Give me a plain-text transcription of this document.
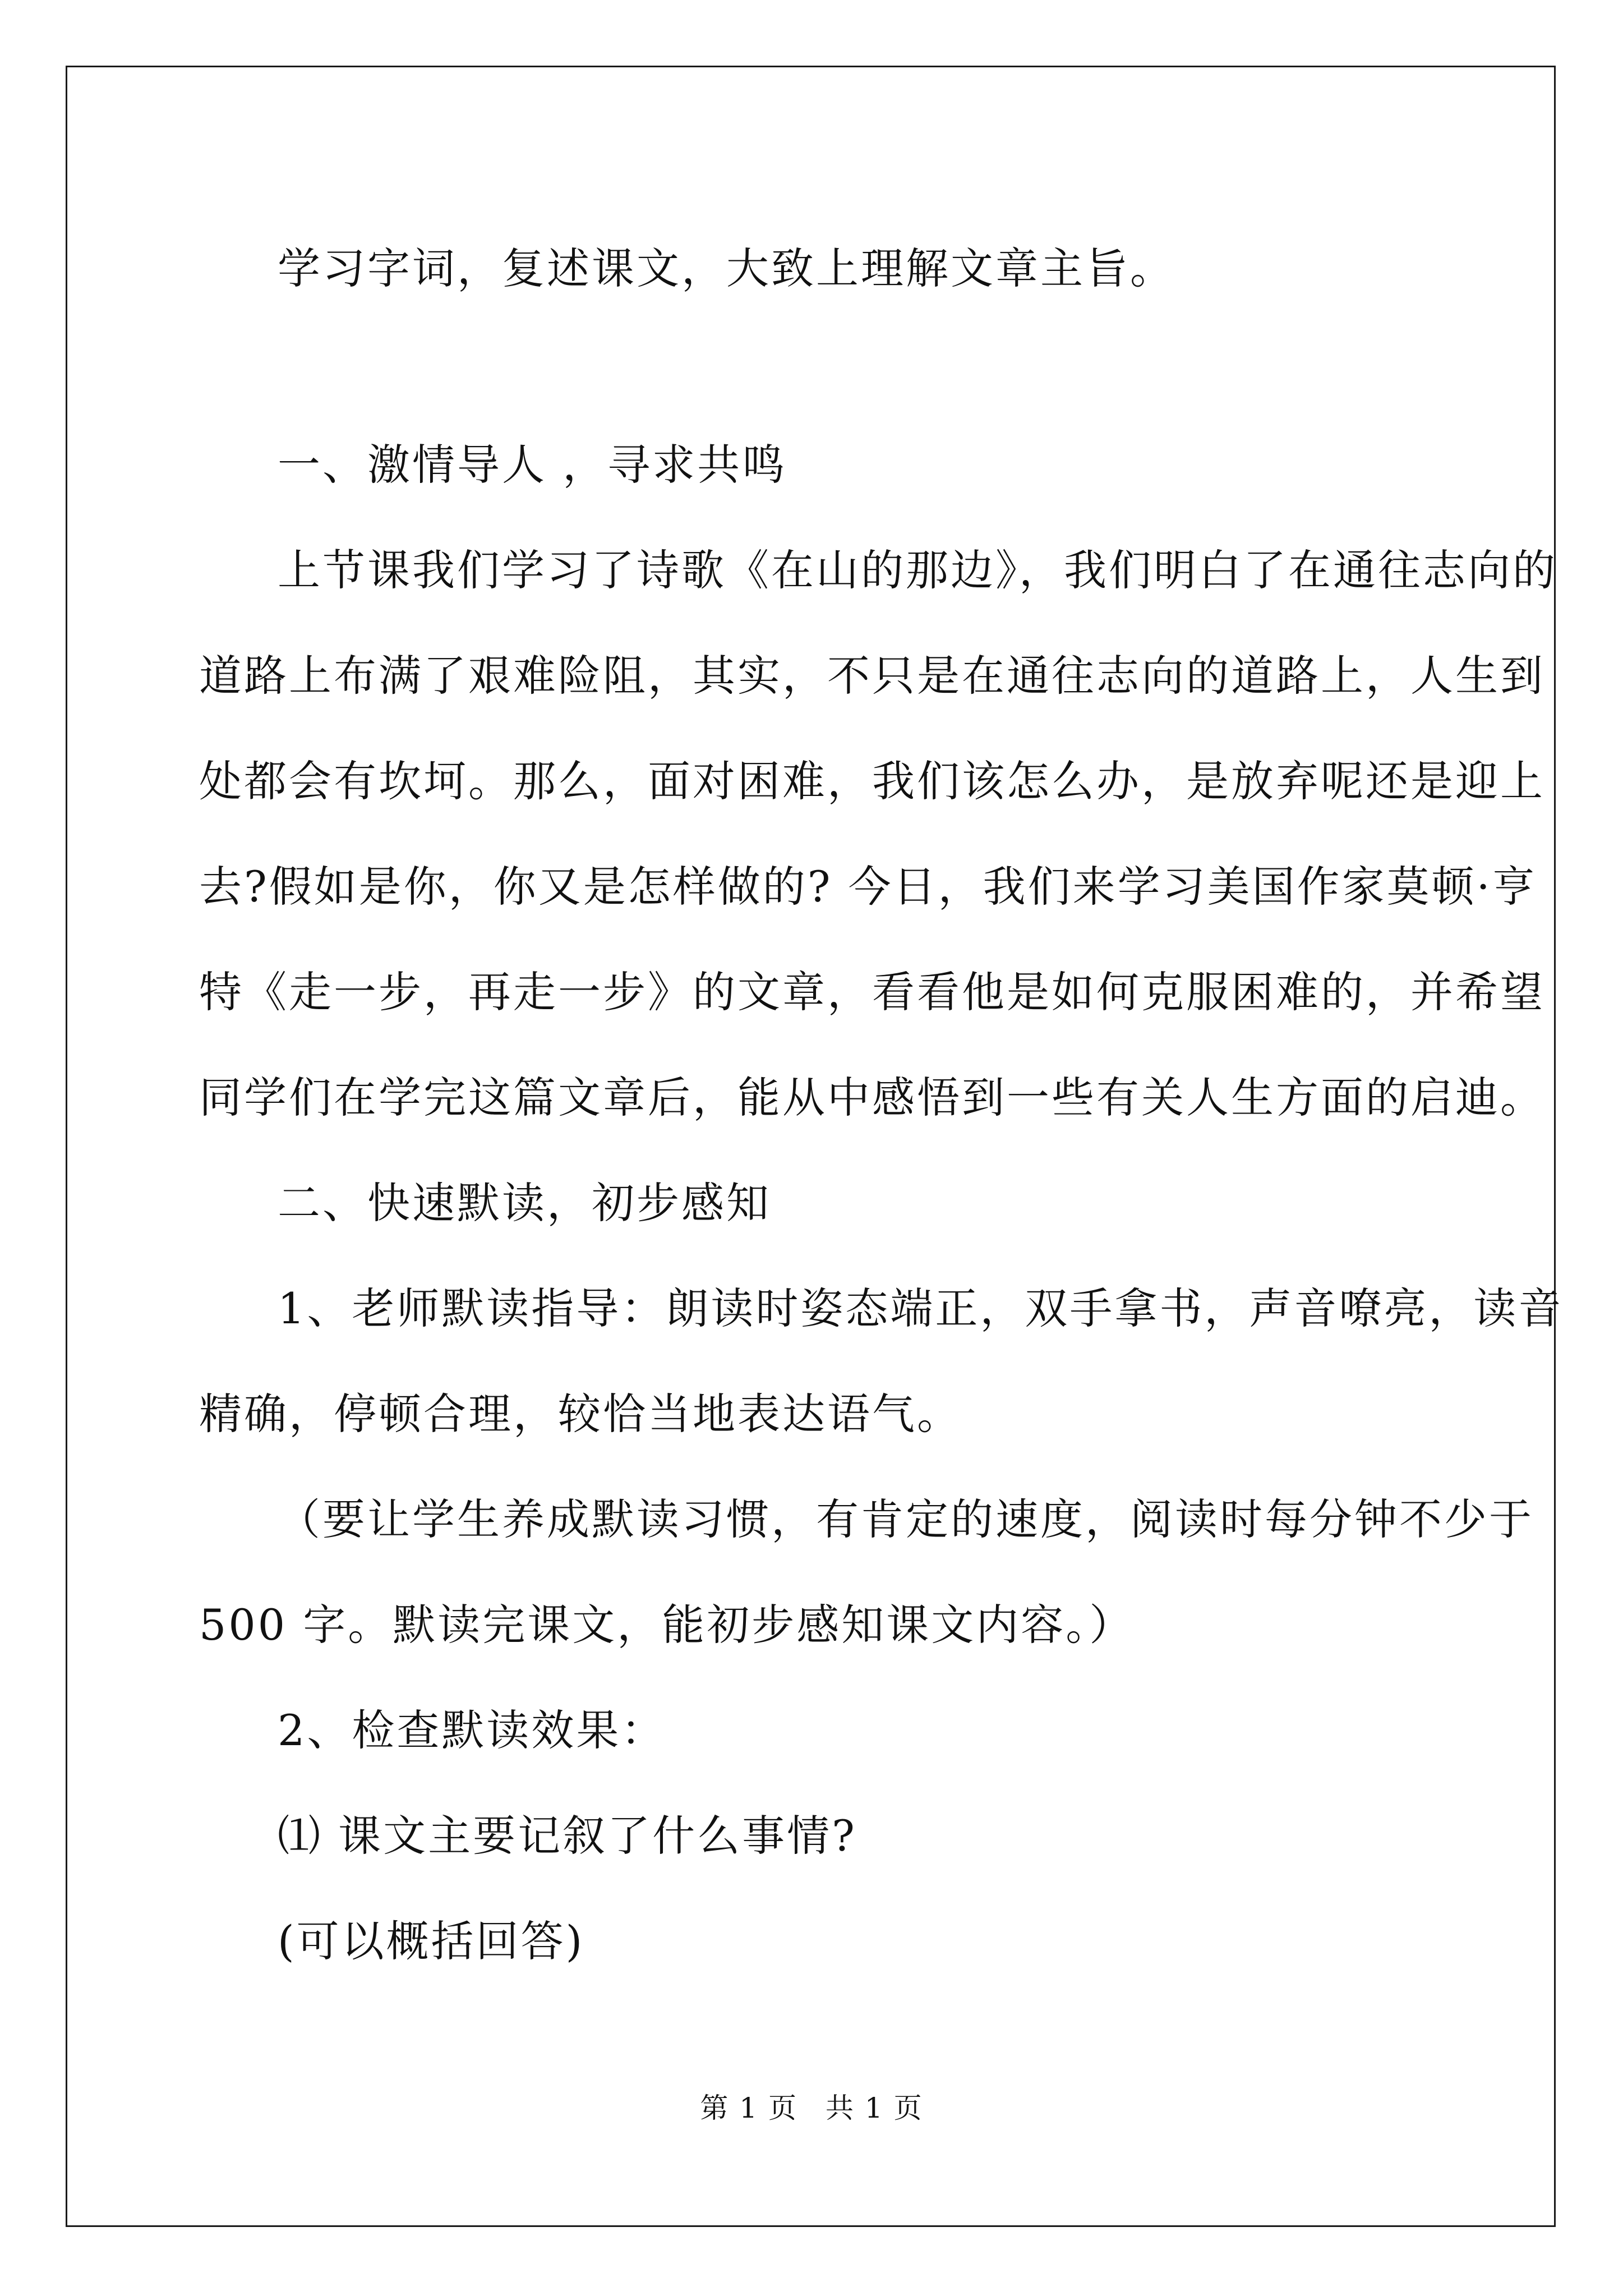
学习字词，复述课文，大致上理解文章主旨。

一、激情导人 ，寻求共鸣

上节课我们学习了诗歌《在山的那边》，我们明白了在通往志向的

道路上布满了艰难险阻，其实，不只是在通往志向的道路上，人生到

处都会有坎坷。那么，面对困难，我们该怎么办，是放弃呢还是迎上

去?假如是你，你又是怎样做的? 今日，我们来学习美国作家莫顿·亨

特《走一步，再走一步》的文章，看看他是如何克服困难的，并希望

同学们在学完这篇文章后，能从中感悟到一些有关人生方面的启迪。

二、快速默读，初步感知

1、老师默读指导：朗读时姿态端正，双手拿书，声音嘹亮，读音

精确，停顿合理，较恰当地表达语气。

（要让学生养成默读习惯，有肯定的速度，阅读时每分钟不少于

500 字。默读完课文，能初步感知课文内容。）

2、检查默读效果：

⑴ 课文主要记叙了什么事情?

(可以概括回答)

第 1 页 共 1 页
